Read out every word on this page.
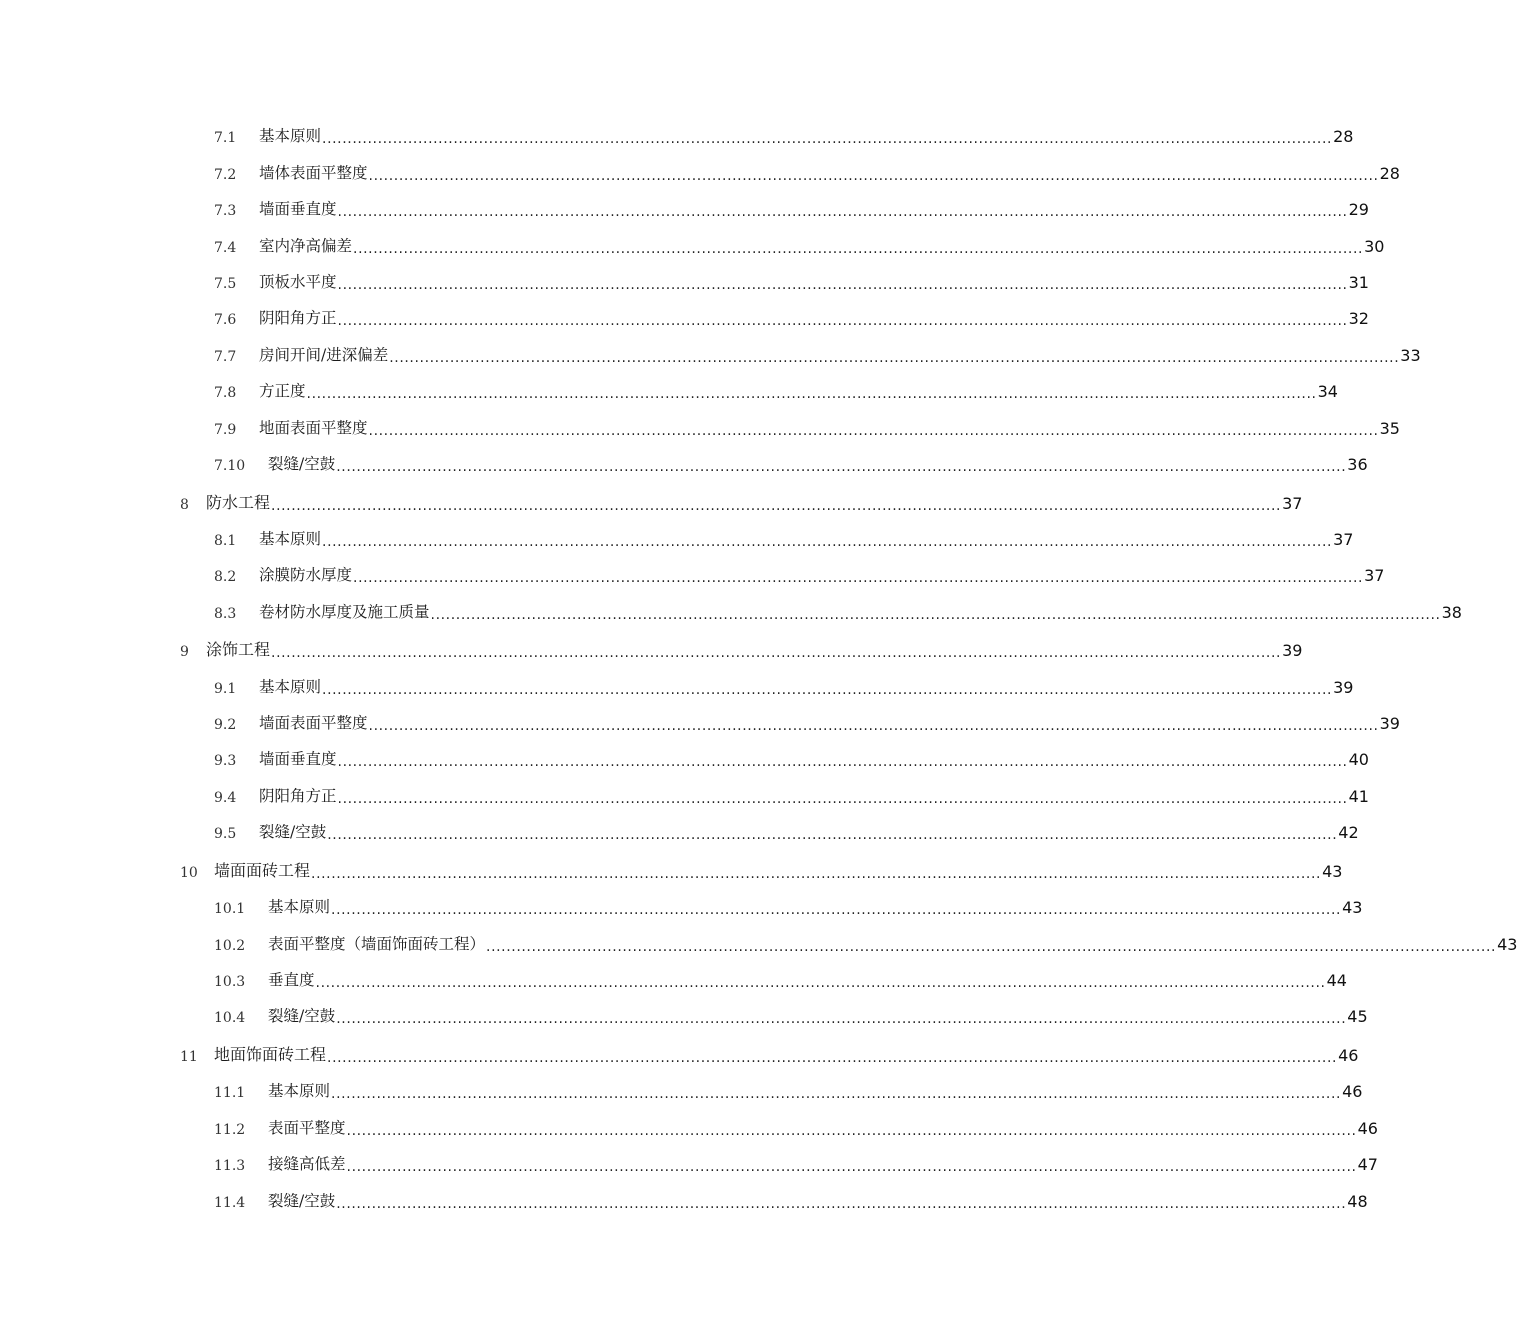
7.1	基本原则 ........................................................................................................................................................................................................ 28
7.2	墙体表面平整度 ........................................................................................................................................................................................................ 28
7.3	墙面垂直度 ........................................................................................................................................................................................................ 29
7.4	室内净高偏差 ........................................................................................................................................................................................................ 30
7.5	顶板水平度 ........................................................................................................................................................................................................ 31
7.6	阴阳角方正 ........................................................................................................................................................................................................ 32
7.7	房间开间/进深偏差 ........................................................................................................................................................................................................ 33
7.8	方正度 ........................................................................................................................................................................................................ 34
7.9	地面表面平整度 ........................................................................................................................................................................................................ 35
7.10	裂缝/空鼓 ........................................................................................................................................................................................................ 36
8	防水工程 ........................................................................................................................................................................................................ 37
8.1	基本原则 ........................................................................................................................................................................................................ 37
8.2	涂膜防水厚度 ........................................................................................................................................................................................................ 37
8.3	卷材防水厚度及施工质量 ........................................................................................................................................................................................................ 38
9	涂饰工程 ........................................................................................................................................................................................................ 39
9.1	基本原则 ........................................................................................................................................................................................................ 39
9.2	墙面表面平整度 ........................................................................................................................................................................................................ 39
9.3	墙面垂直度 ........................................................................................................................................................................................................ 40
9.4	阴阳角方正 ........................................................................................................................................................................................................ 41
9.5	裂缝/空鼓 ........................................................................................................................................................................................................ 42
10	墙面面砖工程 ........................................................................................................................................................................................................ 43
10.1	基本原则 ........................................................................................................................................................................................................ 43
10.2	表面平整度（墙面饰面砖工程） ........................................................................................................................................................................................................ 43
10.3	垂直度 ........................................................................................................................................................................................................ 44
10.4	裂缝/空鼓 ........................................................................................................................................................................................................ 45
11	地面饰面砖工程 ........................................................................................................................................................................................................ 46
11.1	基本原则 ........................................................................................................................................................................................................ 46
11.2	表面平整度 ........................................................................................................................................................................................................ 46
11.3	接缝高低差 ........................................................................................................................................................................................................ 47
11.4	裂缝/空鼓 ........................................................................................................................................................................................................ 48
